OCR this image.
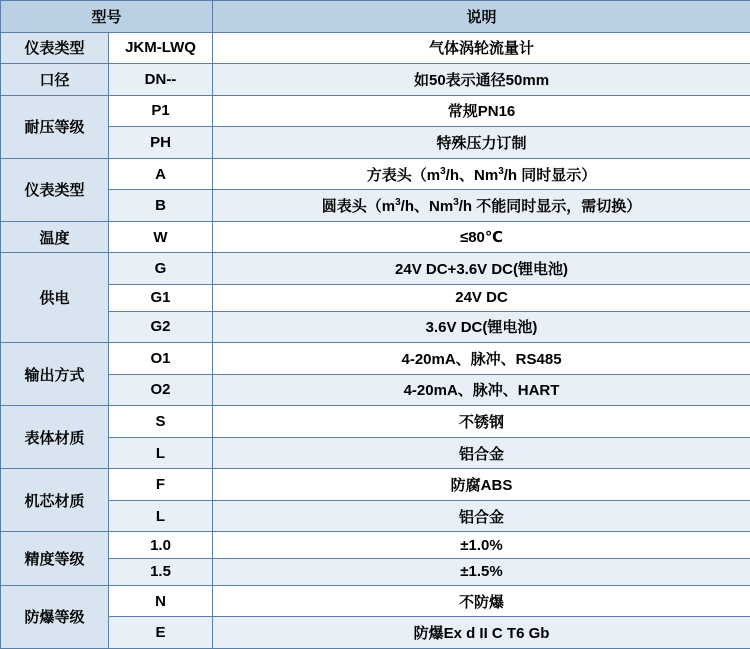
型号		说明
仪表类型	JKM-LWQ	气体涡轮流量计
口径	DN--	如50表示通径50mm
耐压等级	P1	常规PN16
	PH	特殊压力订制
仪表类型	A	方表头（$m^3/h$、Nm$^3$/h 同时显示）
	B	圆表头（$m^3/h$、Nm$^3$/h 不能同时显示，需切换）
温度	W	≤80℃
供电	G	24V DC+3.6V DC(锂电池)
	G1	24V DC
	G2	3.6V DC(锂电池)
输出方式	O1	4-20mA、脉冲、RS485
	O2	4-20mA、脉冲、HART
表体材质	S	不锈钢
	L	铝合金
机芯材质	F	防腐ABS
	L	铝合金
精度等级	1.0	±1.0%
	1.5	±1.5%
防爆等级	N	不防爆
	E	防爆Ex d II C T6 Gb
